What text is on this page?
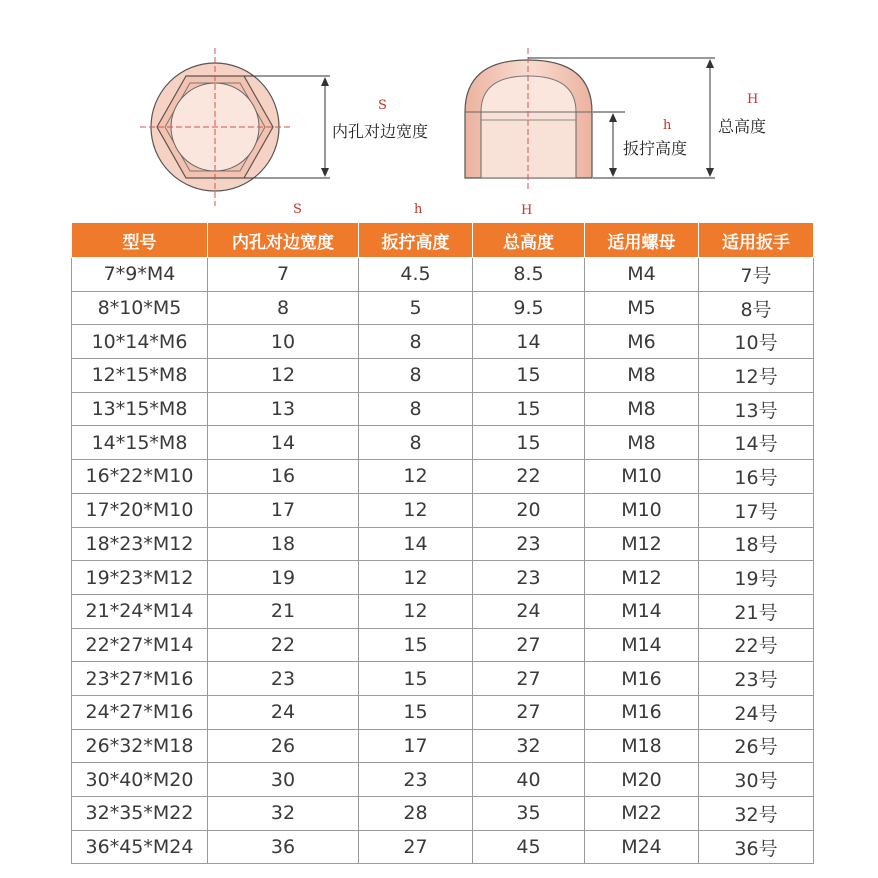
S
内孔对边宽度	h
扳拧高度
H
总高度
S	h	H
型号	内孔对边宽度	扳拧高度	总高度	适用螺母	适用扳手
7*9*M4	7	4.5	8.5	M4	7号
8*10*M5	8	5	9.5	M5	8号
10*14*M6	10	8	14	M6	10号
12*15*M8	12	8	15	M8	12号
13*15*M8	13	8	15	M8	13号
14*15*M8	14	8	15	M8	14号
16*22*M10	16	12	22	M10	16号
17*20*M10	17	12	20	M10	17号
18*23*M12	18	14	23	M12	18号
19*23*M12	19	12	23	M12	19号
21*24*M14	21	12	24	M14	21号
22*27*M14	22	15	27	M14	22号
23*27*M16	23	15	27	M16	23号
24*27*M16	24	15	27	M16	24号
26*32*M18	26	17	32	M18	26号
30*40*M20	30	23	40	M20	30号
32*35*M22	32	28	35	M22	32号
36*45*M24	36	27	45	M24	36号
